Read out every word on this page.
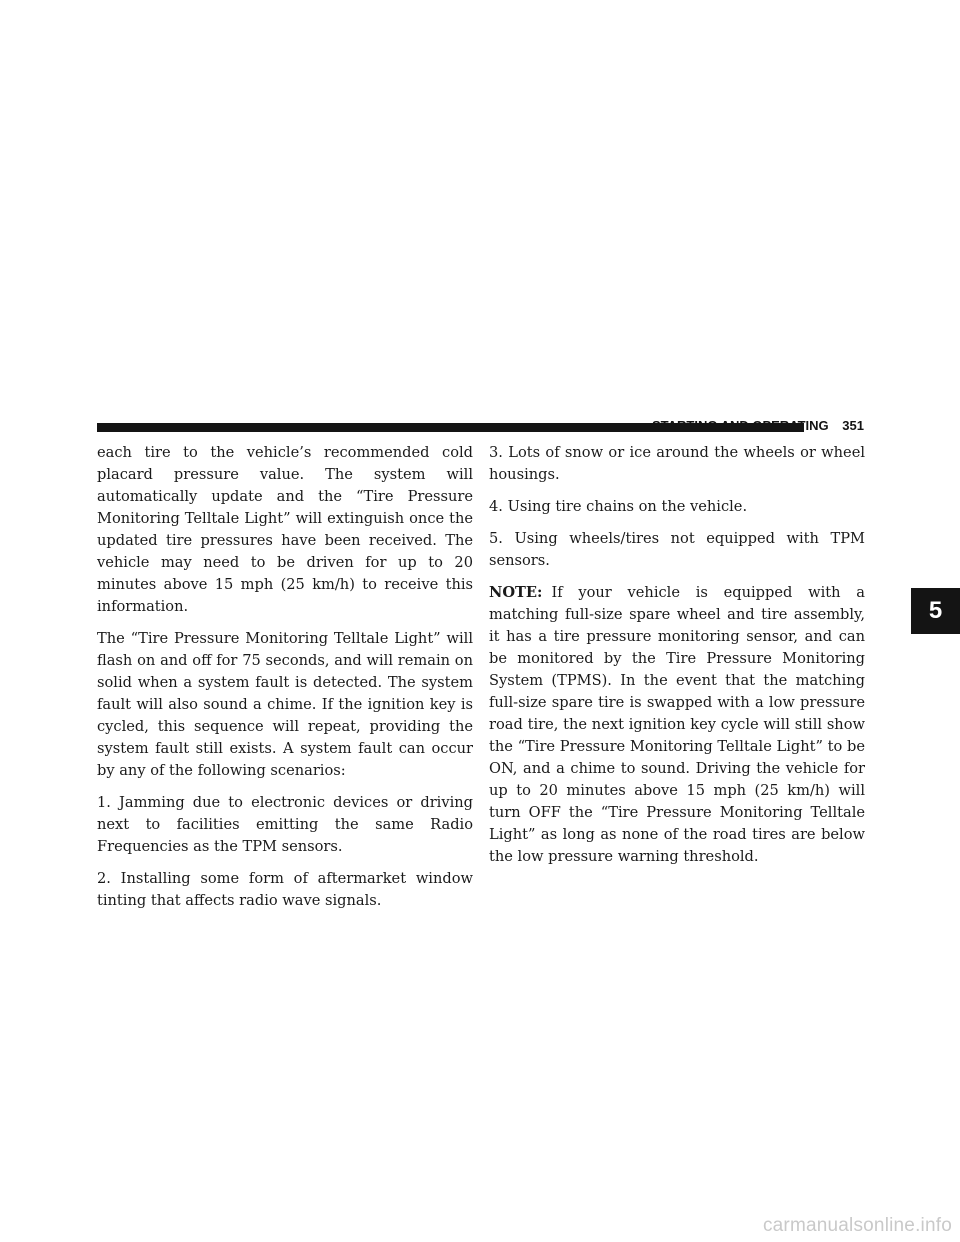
STARTING AND OPERATING 351

each tire to the vehicle’s recommended cold placard pressure value. The system will automatically update and the “Tire Pressure Monitoring Telltale Light” will extinguish once the updated tire pressures have been received. The vehicle may need to be driven for up to 20 minutes above 15 mph (25 km/h) to receive this information.

The “Tire Pressure Monitoring Telltale Light” will flash on and off for 75 seconds, and will remain on solid when a system fault is detected. The system fault will also sound a chime. If the ignition key is cycled, this sequence will repeat, providing the system fault still exists. A system fault can occur by any of the following scenarios:

1. Jamming due to electronic devices or driving next to facilities emitting the same Radio Frequencies as the TPM sensors.

2. Installing some form of aftermarket window tinting that affects radio wave signals.

3. Lots of snow or ice around the wheels or wheel housings.

4. Using tire chains on the vehicle.

5. Using wheels/tires not equipped with TPM sensors.

NOTE: If your vehicle is equipped with a matching full-size spare wheel and tire assembly, it has a tire pressure monitoring sensor, and can be monitored by the Tire Pressure Monitoring System (TPMS). In the event that the matching full-size spare tire is swapped with a low pressure road tire, the next ignition key cycle will still show the “Tire Pressure Monitoring Telltale Light” to be ON, and a chime to sound. Driving the vehicle for up to 20 minutes above 15 mph (25 km/h) will turn OFF the “Tire Pressure Monitoring Telltale Light” as long as none of the road tires are below the low pressure warning threshold.

5
carmanualsonline.info
